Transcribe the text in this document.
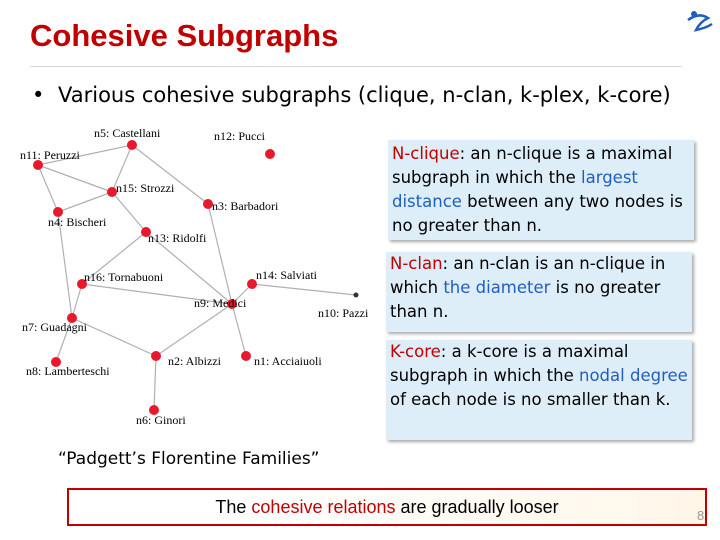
Cohesive Subgraphs
• Various cohesive subgraphs (clique, n-clan, k-plex, k-core)
n5: Castellani	n12: Pucci
n11: Peruzzi
n15: Strozzi
n3: Barbadori
n4: Bischeri
n13: Ridolfi
n16: Tornabuoni	n14: Salviati
n9: Medici
n10: Pazzi
n7: Guadagni
n8: Lamberteschi
n2: Albizzi	n1: Acciaiuoli
n6: Ginori
N-clique: an n-clique is a maximal subgraph in which the largest distance between any two nodes is no greater than n.
N-clan: an n-clan is an n-clique in which the diameter is no greater than n.
K-core: a k-core is a maximal subgraph in which the nodal degree of each node is no smaller than k.
“Padgett’s Florentine Families”
The cohesive relations are gradually looser	8
